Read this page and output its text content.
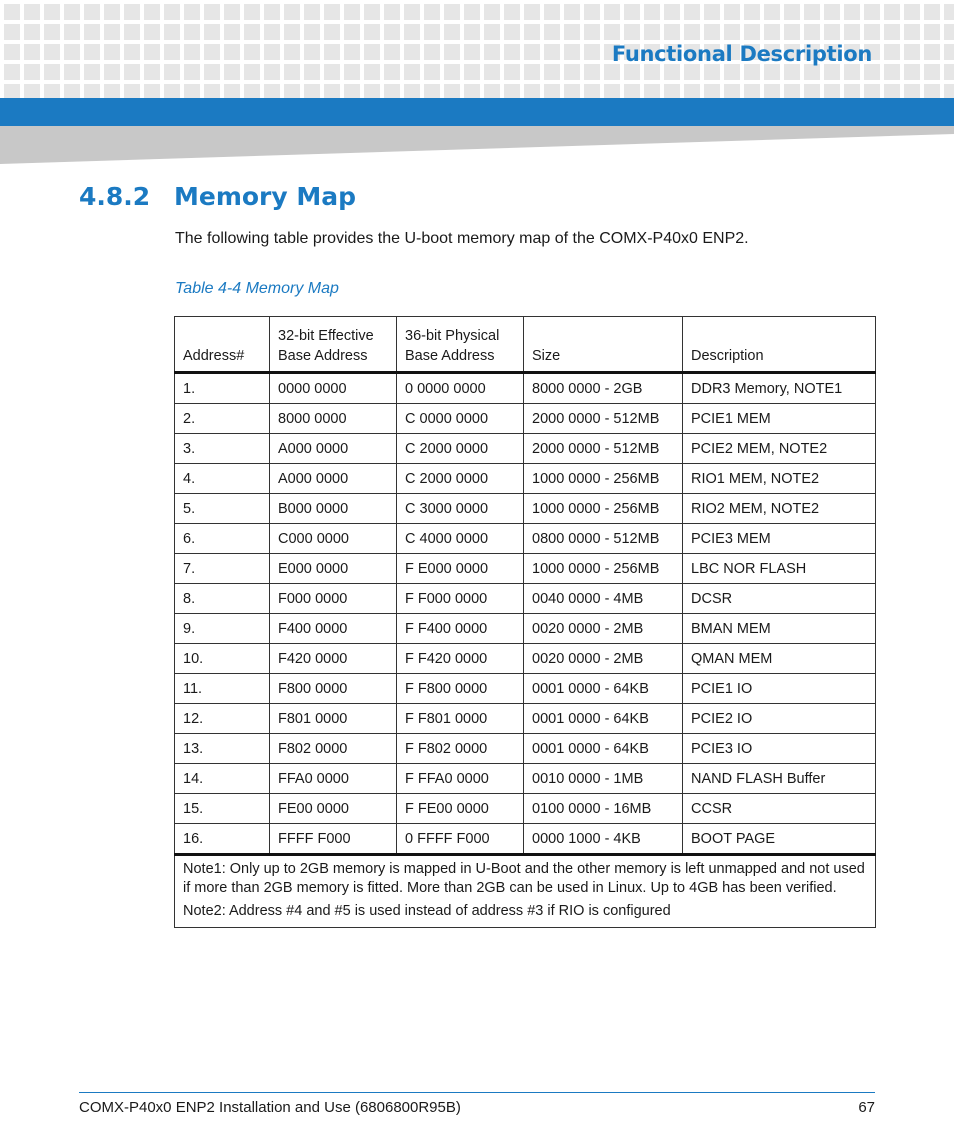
Functional Description
4.8.2 Memory Map
The following table provides the U-boot memory map of the COMX-P40x0 ENP2.
Table 4-4 Memory Map
Address#	32-bit Effective Base Address	36-bit Physical Base Address	Size	Description
1.	0000 0000	0 0000 0000	8000 0000 - 2GB	DDR3 Memory, NOTE1
2.	8000 0000	C 0000 0000	2000 0000 - 512MB	PCIE1 MEM
3.	A000 0000	C 2000 0000	2000 0000 - 512MB	PCIE2 MEM, NOTE2
4.	A000 0000	C 2000 0000	1000 0000 - 256MB	RIO1 MEM, NOTE2
5.	B000 0000	C 3000 0000	1000 0000 - 256MB	RIO2 MEM, NOTE2
6.	C000 0000	C 4000 0000	0800 0000 - 512MB	PCIE3 MEM
7.	E000 0000	F E000 0000	1000 0000 - 256MB	LBC NOR FLASH
8.	F000 0000	F F000 0000	0040 0000 - 4MB	DCSR
9.	F400 0000	F F400 0000	0020 0000 - 2MB	BMAN MEM
10.	F420 0000	F F420 0000	0020 0000 - 2MB	QMAN MEM
11.	F800 0000	F F800 0000	0001 0000 - 64KB	PCIE1 IO
12.	F801 0000	F F801 0000	0001 0000 - 64KB	PCIE2 IO
13.	F802 0000	F F802 0000	0001 0000 - 64KB	PCIE3 IO
14.	FFA0 0000	F FFA0 0000	0010 0000 - 1MB	NAND FLASH Buffer
15.	FE00 0000	F FE00 0000	0100 0000 - 16MB	CCSR
16.	FFFF F000	0 FFFF F000	0000 1000 - 4KB	BOOT PAGE

Note1: Only up to 2GB memory is mapped in U-Boot and the other memory is left unmapped and not used if more than 2GB memory is fitted. More than 2GB can be used in Linux. Up to 4GB has been verified.

Note2: Address #4 and #5 is used instead of address #3 if RIO is configured				

COMX-P40x0 ENP2 Installation and Use (6806800R95B)	67
